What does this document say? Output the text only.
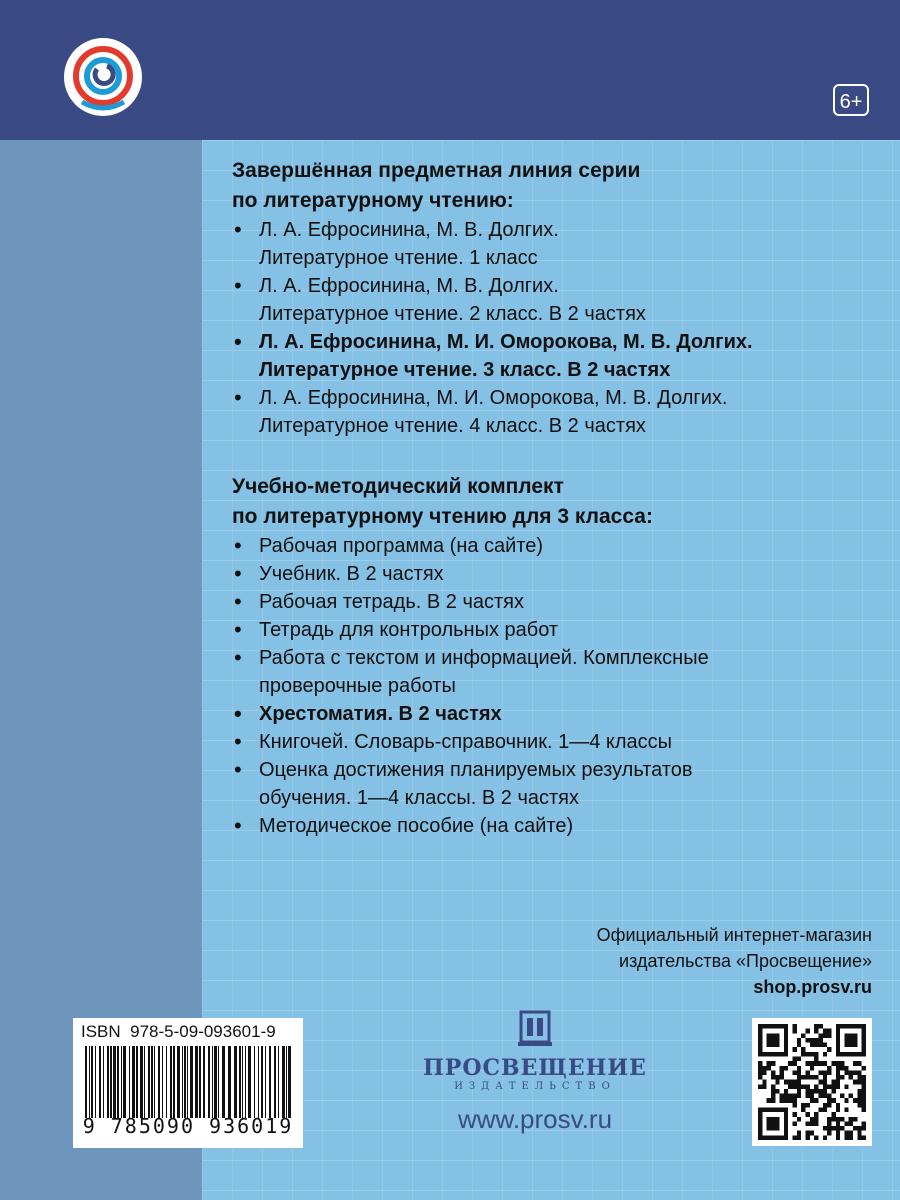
6+

Завершённая предметная линия серии
по литературному чтению:

• Л. А. Ефросинина, М. В. Долгих.
Литературное чтение. 1 класс
• Л. А. Ефросинина, М. В. Долгих.
Литературное чтение. 2 класс. В 2 частях
• Л. А. Ефросинина, М. И. Оморокова, М. В. Долгих.
Литературное чтение. 3 класс. В 2 частях
• Л. А. Ефросинина, М. И. Оморокова, М. В. Долгих.
Литературное чтение. 4 класс. В 2 частях

Учебно-методический комплект
по литературному чтению для 3 класса:

• Рабочая программа (на сайте)
• Учебник. В 2 частях
• Рабочая тетрадь. В 2 частях
• Тетрадь для контрольных работ
• Работа с текстом и информацией. Комплексные
проверочные работы
• Хрестоматия. В 2 частях
• Книгочей. Словарь-справочник. 1—4 классы
• Оценка достижения планируемых результатов
обучения. 1—4 классы. В 2 частях
• Методическое пособие (на сайте)
Официальный интернет-магазин
издательства «Просвещение»
shop.prosv.ru
ISBN 978-5-09-093601-9
9 785090 936019
ПРОСВЕЩЕНИЕ
ИЗДАТЕЛЬСТВО
www.prosv.ru
